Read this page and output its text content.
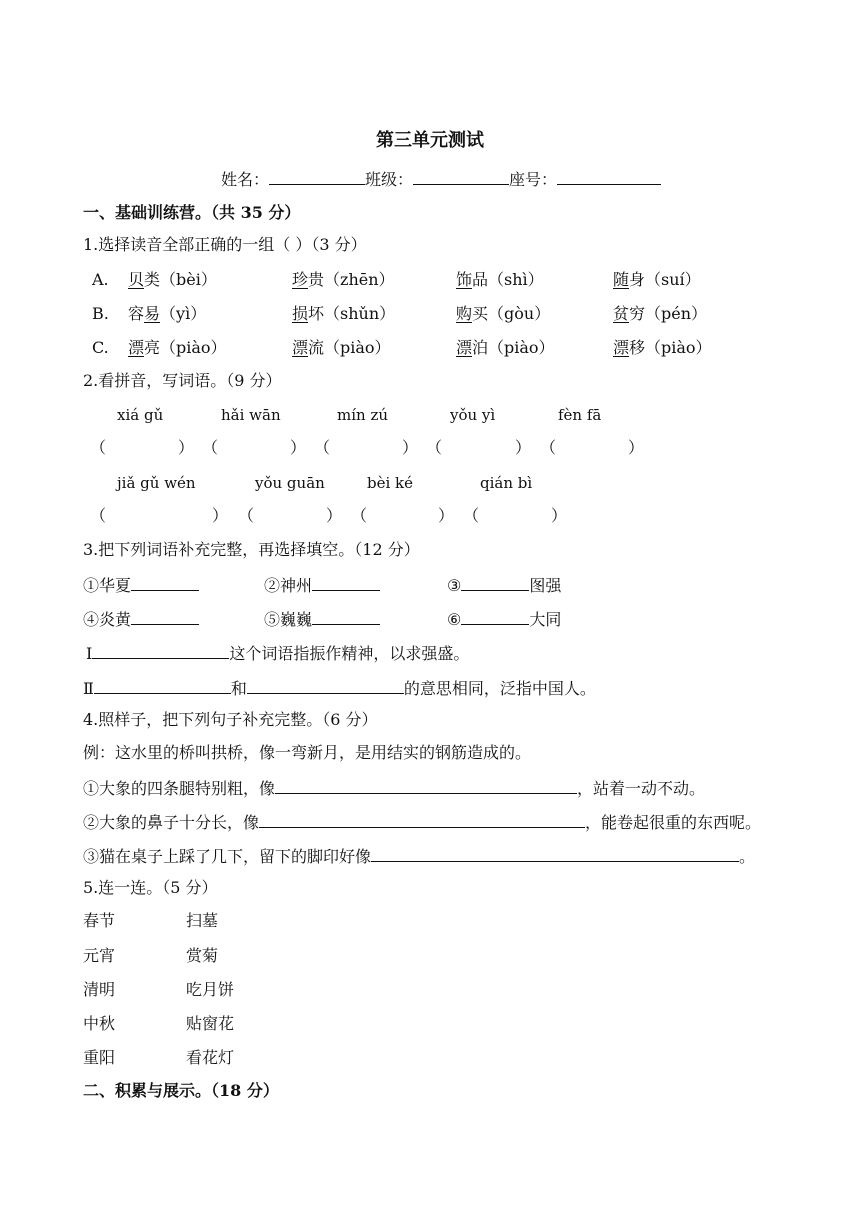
第三单元测试
姓名：	班级：	座号：
一、基础训练营。（共 35 分）
1.选择读音全部正确的一组（ ）（3 分）
A. 贝类（bèi）	珍贵（zhēn）	饰品（shì）	随身（suí）
B. 容易（yì）	损坏（shǔn）	购买（gòu）	贫穷（pén）
C. 漂亮（piào）	漂流（piào）	漂泊（piào）	漂移（piào）
2.看拼音，写词语。（9 分）
xiá gǔ	hǎi wān	mín zú	yǒu yì	fèn fā
jiǎ gǔ wén	yǒu guān	bèi ké	qián bì
（	） （	） （	） （	） （	）
（	） （	） （	） （	）
3.把下列词语补充完整，再选择填空。（12 分）
①华夏	②神州	③	图强
④炎黄	⑤巍巍	⑥	大同
Ⅰ	这个词语指振作精神，以求强盛。
Ⅱ	和	的意思相同，泛指中国人。
4.照样子，把下列句子补充完整。（6 分）
例：这水里的桥叫拱桥，像一弯新月，是用结实的钢筋造成的。
①大象的四条腿特别粗，像	，站着一动不动。
②大象的鼻子十分长，像	，能卷起很重的东西呢。
③猫在桌子上踩了几下，留下的脚印好像	。
5.连一连。（5 分）
春节	扫墓
元宵	赏菊
清明	吃月饼
中秋	贴窗花
重阳	看花灯
二、积累与展示。（18 分）
